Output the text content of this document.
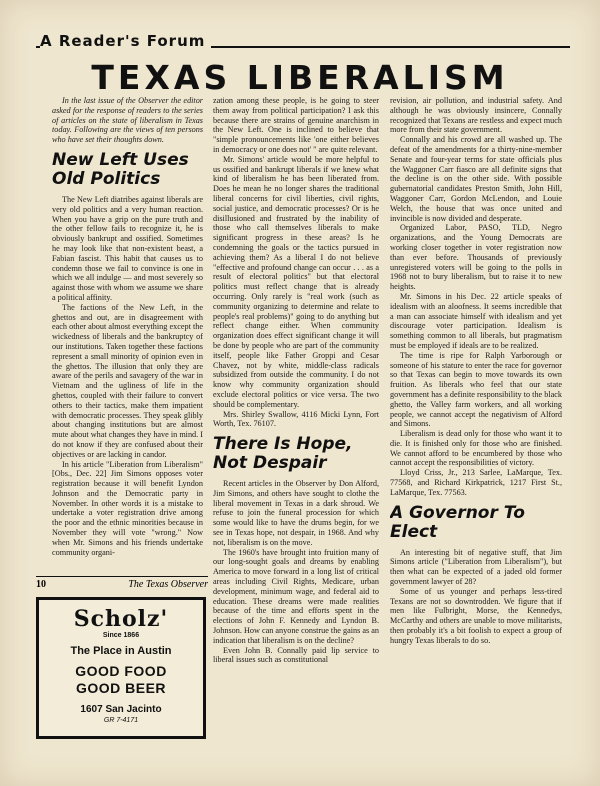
A Reader's Forum
TEXAS LIBERALISM

In the last issue of the Observer the editor asked for the response of readers to the series of articles on the state of liberalism in Texas today. Following are the views of ten persons who have set their thoughts down.

New Left Uses Old Politics

The New Left diatribes against liberals are very old politics and a very human reaction. When you have a grip on the pure truth and the other fellow fails to recognize it, he is obviously bankrupt and ossified. Sometimes he may look like that non-existent beast, a Fabian fascist. This habit that causes us to condemn those we fail to convince is one in which we all indulge — and most severely so against those with whom we assume we share a political affinity.

The factions of the New Left, in the ghettos and out, are in disagreement with each other about almost everything except the wickedness of liberals and the bankruptcy of our institutions. Taken together these factions represent a small minority of opinion even in the ghettos. The illusion that only they are aware of the perils and savagery of the war in Vietnam and the ugliness of life in the ghettos, coupled with their failure to convert others to their tactics, make them impatient with democratic processes. They speak glibly about changing institutions but are almost mute about what changes they have in mind. I do not know if they are confused about their objectives or are lacking in candor.

In his article "Liberation from Liberalism" [Obs., Dec. 22] Jim Simons opposes voter registration because it will benefit Lyndon Johnson and the Democratic party in November. In other words it is a mistake to undertake a voter registration drive among the poor and the ethnic minorities because in November they will vote "wrong." Now when Mr. Simons and his friends undertake community organi-

zation among these people, is he going to steer them away from political participation? I ask this because there are strains of genuine anarchism in the New Left. One is inclined to believe that "simple pronouncements like 'one either believes in democracy or one does not' " are quite relevant.

Mr. Simons' article would be more helpful to us ossified and bankrupt liberals if we knew what kind of liberalism he has been liberated from. Does he mean he no longer shares the traditional liberal concerns for civil liberties, civil rights, social justice, and democratic processes? Or is he disillusioned and frustrated by the inability of those who call themselves liberals to make significant progress in these areas? Is he condemning the goals or the tactics pursued in achieving them? As a liberal I do not believe "effective and profound change can occur . . . as a result of electoral politics" but that electoral politics must reflect change that is already occurring. Only rarely is "real work (such as community organizing to determine and relate to people's real problems)" going to do anything but reflect change either. When community organization does effect significant change it will be done by people who are part of the community itself, people like Father Groppi and Cesar Chavez, not by white, middle-class radicals subsidized from outside the community. I do not know why community organization should exclude electoral politics or vice versa. The two should be complementary.

Mrs. Shirley Swallow, 4116 Micki Lynn, Fort Worth, Tex. 76107.

There Is Hope, Not Despair

Recent articles in the Observer by Don Alford, Jim Simons, and others have sought to clothe the liberal movement in Texas in a dark shroud. We refuse to join the funeral procession for which some would like to have the drums begin, for we see in Texas hope, not despair, in 1968. And why not, liberalism is on the move.

The 1960's have brought into fruition many of our long-sought goals and dreams by enabling America to move forward in a long list of critical areas including Civil Rights, Medicare, urban development, minimum wage, and federal aid to education. These dreams were made realities because of the time and efforts spent in the elections of John F. Kennedy and Lyndon B. Johnson. How can anyone construe the gains as an indication that liberalism is on the decline?

Even John B. Connally paid lip service to liberal issues such as constitutional

revision, air pollution, and industrial safety. And although he was obviously insincere, Connally recognized that Texans are restless and expect much more from their state government.

Connally and his crowd are all washed up. The defeat of the amendments for a thirty-nine-member Senate and four-year terms for state officials plus the Waggoner Carr fiasco are all definite signs that the decline is on the other side. With possible gubernatorial candidates Preston Smith, John Hill, Waggoner Carr, Gordon McLendon, and Louie Welch, the house that was once united and invincible is now divided and desperate.

Organized Labor, PASO, TLD, Negro organizations, and the Young Democrats are working closer together in voter registration now than ever before. Thousands of previously unregistered voters will be going to the polls in 1968 not to bury liberalism, but to raise it to new heights.

Mr. Simons in his Dec. 22 article speaks of idealism with an aloofness. It seems incredible that a man can associate himself with idealism and yet discourage voter participation. Idealism is something common to all liberals, but pragmatism must be employed if ideals are to be realized.

The time is ripe for Ralph Yarborough or someone of his stature to enter the race for governor so that Texas can begin to move towards its own fruition. As liberals who feel that our state government has a definite responsibility to the black ghetto, the Valley farm workers, and all working people, we cannot accept the negativism of Alford and Simons.

Liberalism is dead only for those who want it to die. It is finished only for those who are finished. We cannot afford to be encumbered by those who cannot accept the responsibilities of victory.

Lloyd Criss, Jr., 213 Sarlee, LaMarque, Tex. 77568, and Richard Kirkpatrick, 1217 First St., LaMarque, Tex. 77563.

A Governor To Elect

An interesting bit of negative stuff, that Jim Simons article ("Liberation from Liberalism"), but then what can be expected of a jaded old former government lawyer of 28?

Some of us younger and perhaps less-tired Texans are not so downtrodden. We figure that if men like Fulbright, Morse, the Kennedys, McCarthy and others are unable to move militarists, then probably it's a bit foolish to expect a group of hungry Texas liberals to do so.

10	The Texas Observer
Scholz'
Since 1866
The Place in Austin
GOOD FOOD
GOOD BEER
1607 San Jacinto
GR 7-4171
